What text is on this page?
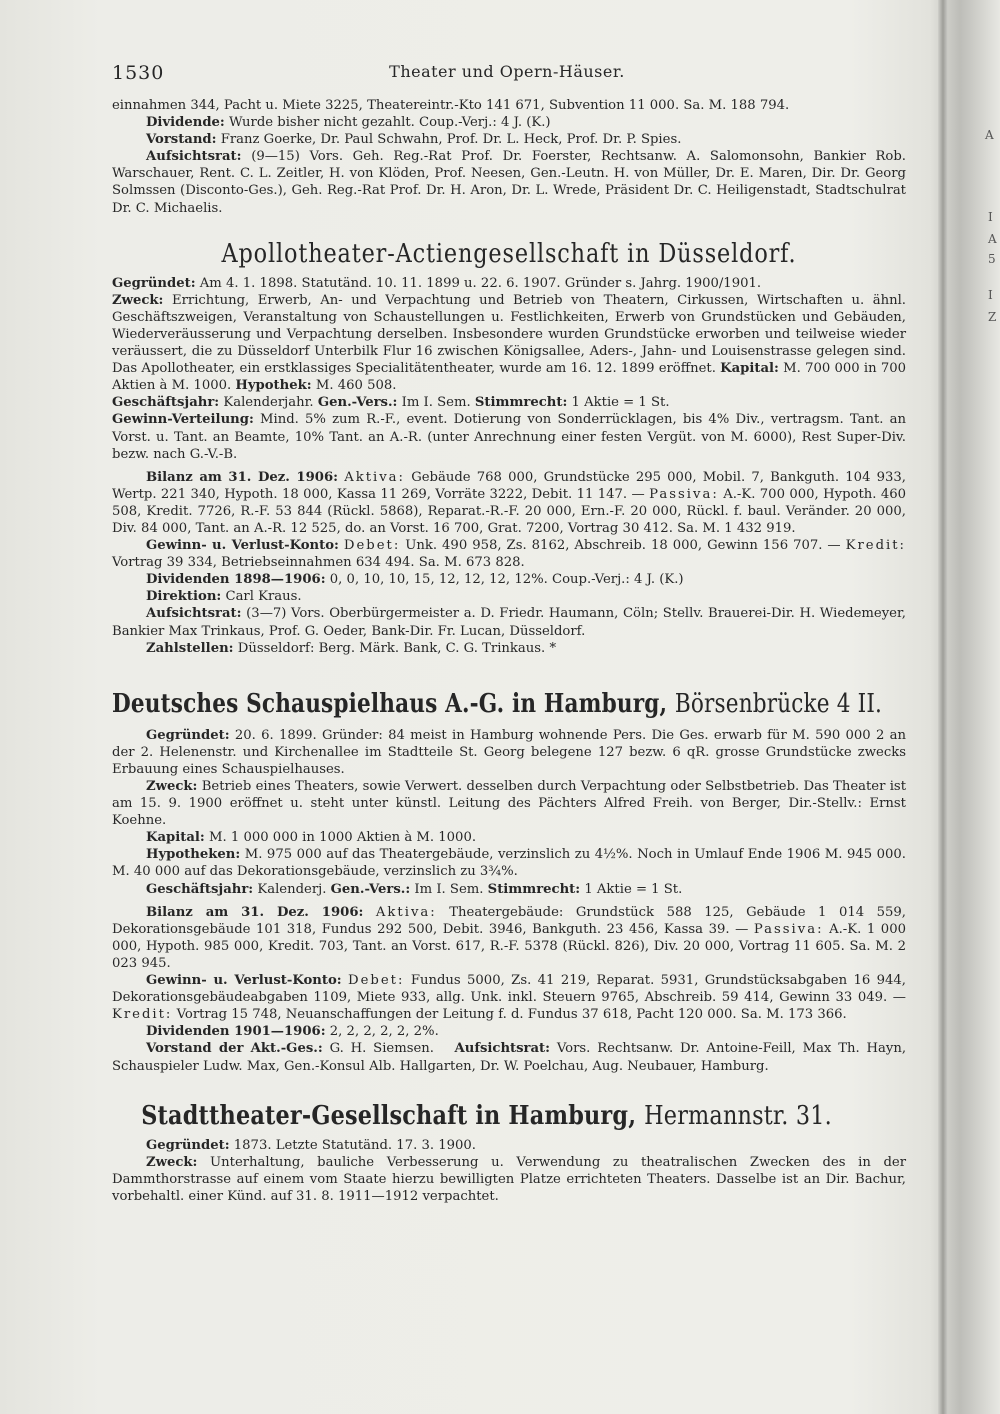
A
I
A
5
I
Z
1530	Theater und Opern-Häuser.

einnahmen 344, Pacht u. Miete 3225, Theatereintr.-Kto 141 671, Subvention 11 000. Sa. M. 188 794.

Dividende: Wurde bisher nicht gezahlt. Coup.-Verj.: 4 J. (K.)

Vorstand: Franz Goerke, Dr. Paul Schwahn, Prof. Dr. L. Heck, Prof. Dr. P. Spies.

Aufsichtsrat: (9—15) Vors. Geh. Reg.-Rat Prof. Dr. Foerster, Rechtsanw. A. Salomonsohn, Bankier Rob. Warschauer, Rent. C. L. Zeitler, H. von Klöden, Prof. Neesen, Gen.-Leutn. H. von Müller, Dr. E. Maren, Dir. Dr. Georg Solmssen (Disconto-Ges.), Geh. Reg.-Rat Prof. Dr. H. Aron, Dr. L. Wrede, Präsident Dr. C. Heiligenstadt, Stadtschulrat Dr. C. Michaelis.

Apollotheater-Actiengesellschaft in Düsseldorf.

Gegründet: Am 4. 1. 1898. Statutänd. 10. 11. 1899 u. 22. 6. 1907. Gründer s. Jahrg. 1900/1901.

Zweck: Errichtung, Erwerb, An- und Verpachtung und Betrieb von Theatern, Cirkussen, Wirtschaften u. ähnl. Geschäftszweigen, Veranstaltung von Schaustellungen u. Festlichkeiten, Erwerb von Grundstücken und Gebäuden, Wiederveräusserung und Verpachtung derselben. Insbesondere wurden Grundstücke erworben und teilweise wieder veräussert, die zu Düsseldorf Unterbilk Flur 16 zwischen Königsallee, Aders-, Jahn- und Louisenstrasse gelegen sind. Das Apollotheater, ein erstklassiges Specialitätentheater, wurde am 16. 12. 1899 eröffnet. Kapital: M. 700 000 in 700 Aktien à M. 1000. Hypothek: M. 460 508.

Geschäftsjahr: Kalenderjahr. Gen.-Vers.: Im I. Sem. Stimmrecht: 1 Aktie = 1 St.

Gewinn-Verteilung: Mind. 5% zum R.-F., event. Dotierung von Sonderrücklagen, bis 4% Div., vertragsm. Tant. an Vorst. u. Tant. an Beamte, 10% Tant. an A.-R. (unter Anrechnung einer festen Vergüt. von M. 6000), Rest Super-Div. bezw. nach G.-V.-B.

Bilanz am 31. Dez. 1906: Aktiva: Gebäude 768 000, Grundstücke 295 000, Mobil. 7, Bankguth. 104 933, Wertp. 221 340, Hypoth. 18 000, Kassa 11 269, Vorräte 3222, Debit. 11 147. — Passiva: A.-K. 700 000, Hypoth. 460 508, Kredit. 7726, R.-F. 53 844 (Rückl. 5868), Reparat.-R.-F. 20 000, Ern.-F. 20 000, Rückl. f. baul. Veränder. 20 000, Div. 84 000, Tant. an A.-R. 12 525, do. an Vorst. 16 700, Grat. 7200, Vortrag 30 412. Sa. M. 1 432 919.

Gewinn- u. Verlust-Konto: Debet: Unk. 490 958, Zs. 8162, Abschreib. 18 000, Gewinn 156 707. — Kredit: Vortrag 39 334, Betriebseinnahmen 634 494. Sa. M. 673 828.

Dividenden 1898—1906: 0, 0, 10, 10, 15, 12, 12, 12, 12%. Coup.-Verj.: 4 J. (K.)

Direktion: Carl Kraus.

Aufsichtsrat: (3—7) Vors. Oberbürgermeister a. D. Friedr. Haumann, Cöln; Stellv. Brauerei-Dir. H. Wiedemeyer, Bankier Max Trinkaus, Prof. G. Oeder, Bank-Dir. Fr. Lucan, Düsseldorf.

Zahlstellen: Düsseldorf: Berg. Märk. Bank, C. G. Trinkaus. *

Deutsches Schauspielhaus A.-G. in Hamburg, Börsenbrücke 4 II.

Gegründet: 20. 6. 1899. Gründer: 84 meist in Hamburg wohnende Pers. Die Ges. erwarb für M. 590 000 2 an der 2. Helenenstr. und Kirchenallee im Stadtteile St. Georg belegene 127 bezw. 6 qR. grosse Grundstücke zwecks Erbauung eines Schauspielhauses.

Zweck: Betrieb eines Theaters, sowie Verwert. desselben durch Verpachtung oder Selbstbetrieb. Das Theater ist am 15. 9. 1900 eröffnet u. steht unter künstl. Leitung des Pächters Alfred Freih. von Berger, Dir.-Stellv.: Ernst Koehne.

Kapital: M. 1 000 000 in 1000 Aktien à M. 1000.

Hypotheken: M. 975 000 auf das Theatergebäude, verzinslich zu 4½%. Noch in Umlauf Ende 1906 M. 945 000. M. 40 000 auf das Dekorationsgebäude, verzinslich zu 3¾%.

Geschäftsjahr: Kalenderj. Gen.-Vers.: Im I. Sem. Stimmrecht: 1 Aktie = 1 St.

Bilanz am 31. Dez. 1906: Aktiva: Theatergebäude: Grundstück 588 125, Gebäude 1 014 559, Dekorationsgebäude 101 318, Fundus 292 500, Debit. 3946, Bankguth. 23 456, Kassa 39. — Passiva: A.-K. 1 000 000, Hypoth. 985 000, Kredit. 703, Tant. an Vorst. 617, R.-F. 5378 (Rückl. 826), Div. 20 000, Vortrag 11 605. Sa. M. 2 023 945.

Gewinn- u. Verlust-Konto: Debet: Fundus 5000, Zs. 41 219, Reparat. 5931, Grundstücksabgaben 16 944, Dekorationsgebäudeabgaben 1109, Miete 933, allg. Unk. inkl. Steuern 9765, Abschreib. 59 414, Gewinn 33 049. — Kredit: Vortrag 15 748, Neuanschaffungen der Leitung f. d. Fundus 37 618, Pacht 120 000. Sa. M. 173 366.

Dividenden 1901—1906: 2, 2, 2, 2, 2, 2%.

Vorstand der Akt.-Ges.: G. H. Siemsen. Aufsichtsrat: Vors. Rechtsanw. Dr. Antoine-Feill, Max Th. Hayn, Schauspieler Ludw. Max, Gen.-Konsul Alb. Hallgarten, Dr. W. Poelchau, Aug. Neubauer, Hamburg.

Stadttheater-Gesellschaft in Hamburg, Hermannstr. 31.

Gegründet: 1873. Letzte Statutänd. 17. 3. 1900.

Zweck: Unterhaltung, bauliche Verbesserung u. Verwendung zu theatralischen Zwecken des in der Dammthorstrasse auf einem vom Staate hierzu bewilligten Platze errichteten Theaters. Dasselbe ist an Dir. Bachur, vorbehaltl. einer Künd. auf 31. 8. 1911—1912 verpachtet.
